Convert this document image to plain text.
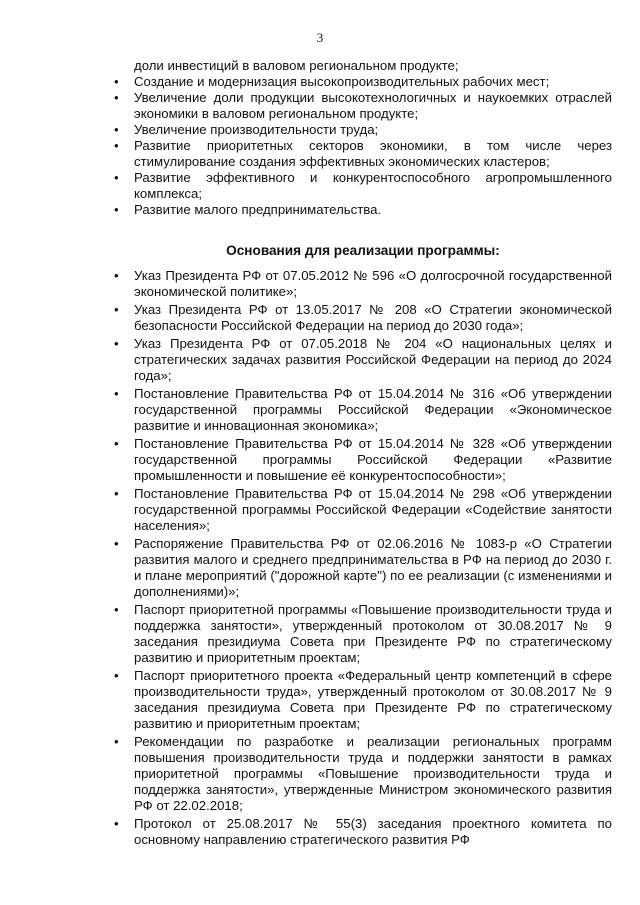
3
доли инвестиций в валовом региональном продукте;
•	Создание и модернизация высокопроизводительных рабочих мест;
•	Увеличение доли продукции высокотехнологичных и наукоемких отраслей экономики в валовом региональном продукте;
•	Увеличение производительности труда;
•	Развитие приоритетных секторов экономики, в том числе через стимулирование создания эффективных экономических кластеров;
•	Развитие эффективного и конкурентоспособного агропромышленного комплекса;
•	Развитие малого предпринимательства.
Основания для реализации программы:
•	Указ Президента РФ от 07.05.2012 № 596 «О долгосрочной государственной экономической политике»;
•	Указ Президента РФ от 13.05.2017 № 208 «О Стратегии экономической безопасности Российской Федерации на период до 2030 года»;
•	Указ Президента РФ от 07.05.2018 № 204 «О национальных целях и стратегических задачах развития Российской Федерации на период до 2024 года»;
•	Постановление Правительства РФ от 15.04.2014 № 316 «Об утверждении государственной программы Российской Федерации «Экономическое развитие и инновационная экономика»;
•	Постановление Правительства РФ от 15.04.2014 № 328 «Об утверждении государственной программы Российской Федерации «Развитие промышленности и повышение её конкурентоспособности»;
•	Постановление Правительства РФ от 15.04.2014 № 298 «Об утверждении государственной программы Российской Федерации «Содействие занятости населения»;
•	Распоряжение Правительства РФ от 02.06.2016 № 1083-р «О Стратегии развития малого и среднего предпринимательства в РФ на период до 2030 г. и плане мероприятий ("дорожной карте") по ее реализации (с изменениями и дополнениями)»;
•	Паспорт приоритетной программы «Повышение производительности труда и поддержка занятости», утвержденный протоколом от 30.08.2017 № 9 заседания президиума Совета при Президенте РФ по стратегическому развитию и приоритетным проектам;
•	Паспорт приоритетного проекта «Федеральный центр компетенций в сфере производительности труда», утвержденный протоколом от 30.08.2017 № 9 заседания президиума Совета при Президенте РФ по стратегическому развитию и приоритетным проектам;
•	Рекомендации по разработке и реализации региональных программ повышения производительности труда и поддержки занятости в рамках приоритетной программы «Повышение производительности труда и поддержка занятости», утвержденные Министром экономического развития РФ от 22.02.2018;
•	Протокол от 25.08.2017 № 55(3) заседания проектного комитета по основному направлению стратегического развития РФ
